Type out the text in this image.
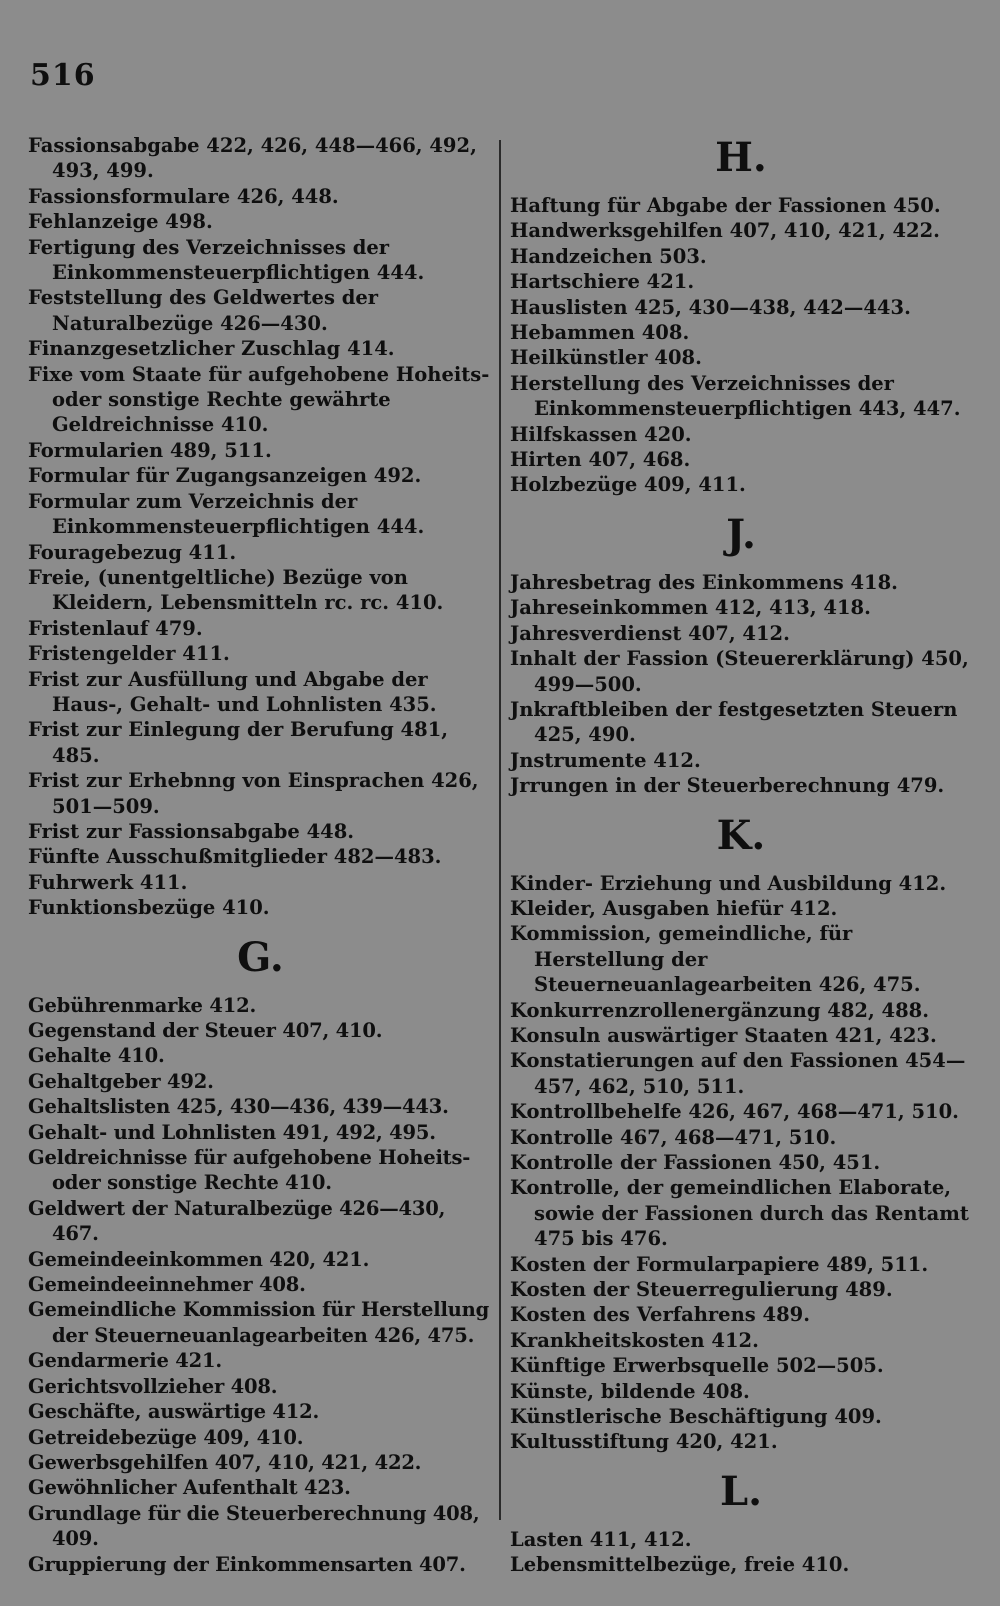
516

Fassionsabgabe 422, 426, 448—466, 492, 493, 499.

Fassionsformulare 426, 448.

Fehlanzeige 498.

Fertigung des Verzeichnisses der Einkommensteuerpflichtigen 444.

Feststellung des Geldwertes der Naturalbezüge 426—430.

Finanzgesetzlicher Zuschlag 414.

Fixe vom Staate für aufgehobene Hoheits- oder sonstige Rechte gewährte Geldreichnisse 410.

Formularien 489, 511.

Formular für Zugangsanzeigen 492.

Formular zum Verzeichnis der Einkommensteuerpflichtigen 444.

Fouragebezug 411.

Freie, (unentgeltliche) Bezüge von Kleidern, Lebensmitteln rc. rc. 410.

Fristenlauf 479.

Fristengelder 411.

Frist zur Ausfüllung und Abgabe der Haus-, Gehalt- und Lohnlisten 435.

Frist zur Einlegung der Berufung 481, 485.

Frist zur Erhebnng von Einsprachen 426, 501—509.

Frist zur Fassionsabgabe 448.

Fünfte Ausschußmitglieder 482—483.

Fuhrwerk 411.

Funktionsbezüge 410.

G.

Gebührenmarke 412.

Gegenstand der Steuer 407, 410.

Gehalte 410.

Gehaltgeber 492.

Gehaltslisten 425, 430—436, 439—443.

Gehalt- und Lohnlisten 491, 492, 495.

Geldreichnisse für aufgehobene Hoheits- oder sonstige Rechte 410.

Geldwert der Naturalbezüge 426—430, 467.

Gemeindeeinkommen 420, 421.

Gemeindeeinnehmer 408.

Gemeindliche Kommission für Herstellung der Steuerneuanlagearbeiten 426, 475.

Gendarmerie 421.

Gerichtsvollzieher 408.

Geschäfte, auswärtige 412.

Getreidebezüge 409, 410.

Gewerbsgehilfen 407, 410, 421, 422.

Gewöhnlicher Aufenthalt 423.

Grundlage für die Steuerberechnung 408, 409.

Gruppierung der Einkommensarten 407.

H.

Haftung für Abgabe der Fassionen 450.

Handwerksgehilfen 407, 410, 421, 422.

Handzeichen 503.

Hartschiere 421.

Hauslisten 425, 430—438, 442—443.

Hebammen 408.

Heilkünstler 408.

Herstellung des Verzeichnisses der Einkommensteuerpflichtigen 443, 447.

Hilfskassen 420.

Hirten 407, 468.

Holzbezüge 409, 411.

J.

Jahresbetrag des Einkommens 418.

Jahreseinkommen 412, 413, 418.

Jahresverdienst 407, 412.

Inhalt der Fassion (Steuererklärung) 450, 499—500.

Jnkraftbleiben der festgesetzten Steuern 425, 490.

Jnstrumente 412.

Jrrungen in der Steuerberechnung 479.

K.

Kinder- Erziehung und Ausbildung 412.

Kleider, Ausgaben hiefür 412.

Kommission, gemeindliche, für Herstellung der Steuerneuanlagearbeiten 426, 475.

Konkurrenzrollenergänzung 482, 488.

Konsuln auswärtiger Staaten 421, 423.

Konstatierungen auf den Fassionen 454—457, 462, 510, 511.

Kontrollbehelfe 426, 467, 468—471, 510.

Kontrolle 467, 468—471, 510.

Kontrolle der Fassionen 450, 451.

Kontrolle, der gemeindlichen Elaborate, sowie der Fassionen durch das Rentamt 475 bis 476.

Kosten der Formularpapiere 489, 511.

Kosten der Steuerregulierung 489.

Kosten des Verfahrens 489.

Krankheitskosten 412.

Künftige Erwerbsquelle 502—505.

Künste, bildende 408.

Künstlerische Beschäftigung 409.

Kultusstiftung 420, 421.

L.

Lasten 411, 412.

Lebensmittelbezüge, freie 410.
